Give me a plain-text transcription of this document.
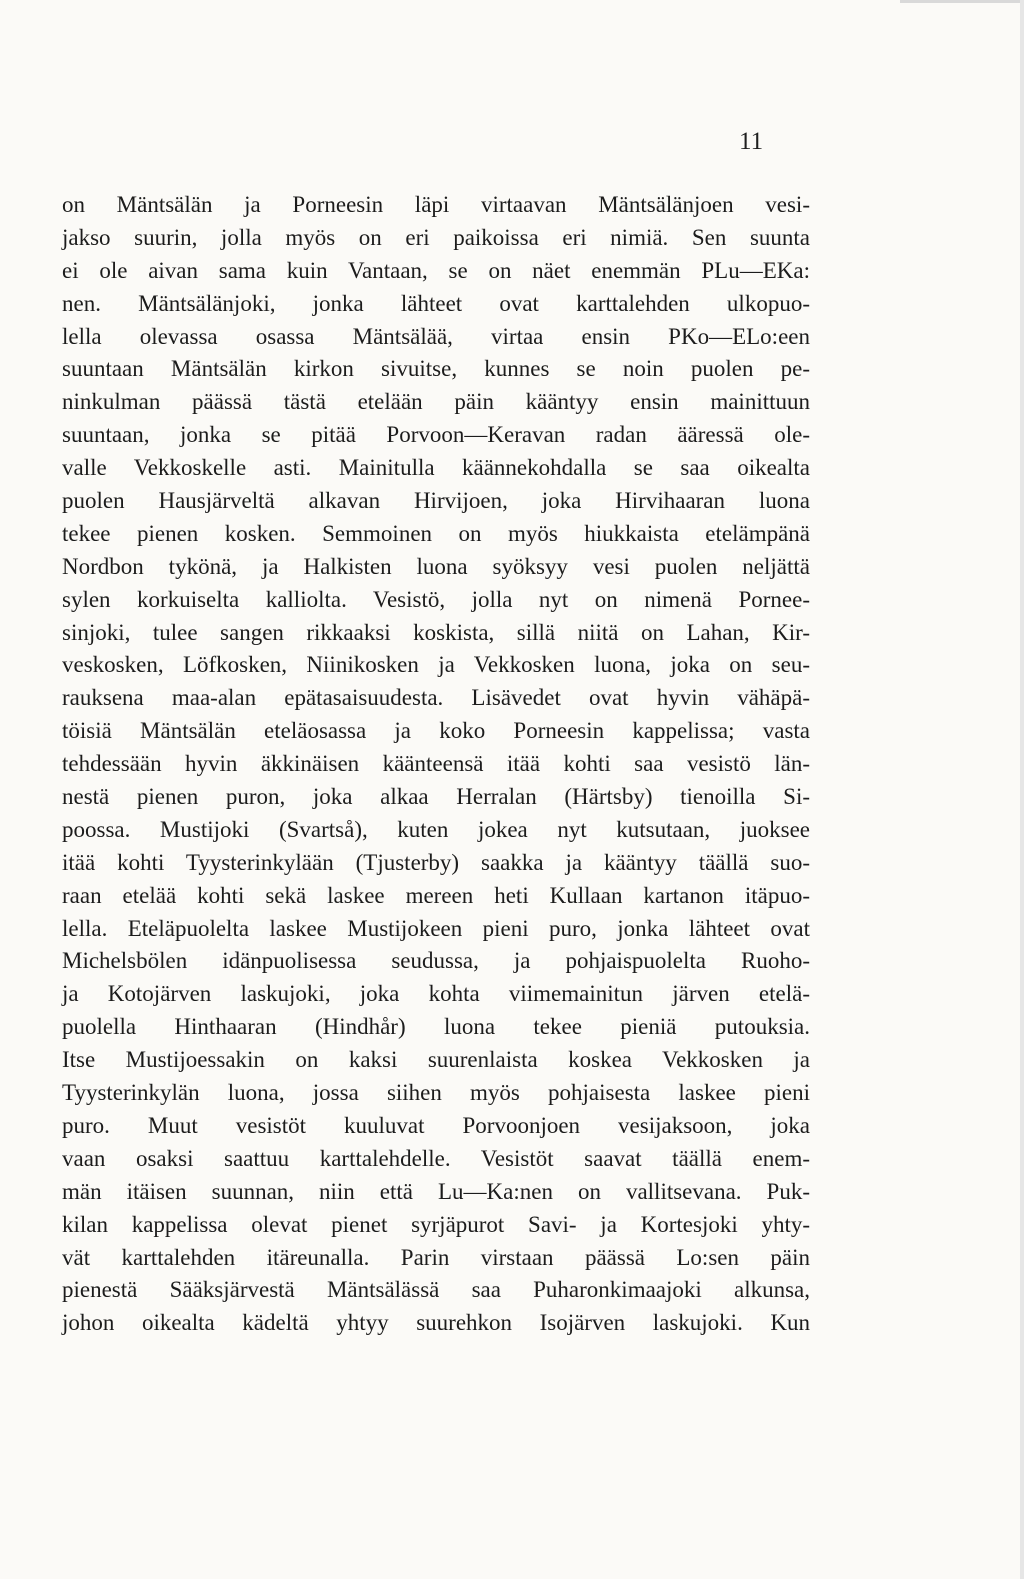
11
on Mäntsälän ja Porneesin läpi virtaavan Mäntsälänjoen vesi-
jakso suurin, jolla myös on eri paikoissa eri nimiä. Sen suunta
ei ole aivan sama kuin Vantaan, se on näet enemmän PLu—EKa:
nen. Mäntsälänjoki, jonka lähteet ovat karttalehden ulkopuo-
lella olevassa osassa Mäntsälää, virtaa ensin PKo—ELo:een
suuntaan Mäntsälän kirkon sivuitse, kunnes se noin puolen pe-
ninkulman päässä tästä etelään päin kääntyy ensin mainittuun
suuntaan, jonka se pitää Porvoon—Keravan radan ääressä ole-
valle Vekkoskelle asti. Mainitulla käännekohdalla se saa oikealta
puolen Hausjärveltä alkavan Hirvijoen, joka Hirvihaaran luona
tekee pienen kosken. Semmoinen on myös hiukkaista etelämpänä
Nordbon tykönä, ja Halkisten luona syöksyy vesi puolen neljättä
sylen korkuiselta kalliolta. Vesistö, jolla nyt on nimenä Pornee-
sinjoki, tulee sangen rikkaaksi koskista, sillä niitä on Lahan, Kir-
veskosken, Löfkosken, Niinikosken ja Vekkosken luona, joka on seu-
rauksena maa-alan epätasaisuudesta. Lisävedet ovat hyvin vähäpä-
töisiä Mäntsälän eteläosassa ja koko Porneesin kappelissa; vasta
tehdessään hyvin äkkinäisen käänteensä itää kohti saa vesistö län-
nestä pienen puron, joka alkaa Herralan (Härtsby) tienoilla Si-
poossa. Mustijoki (Svartså), kuten jokea nyt kutsutaan, juoksee
itää kohti Tyysterinkylään (Tjusterby) saakka ja kääntyy täällä suo-
raan etelää kohti sekä laskee mereen heti Kullaan kartanon itäpuo-
lella. Eteläpuolelta laskee Mustijokeen pieni puro, jonka lähteet ovat
Michelsbölen idänpuolisessa seudussa, ja pohjaispuolelta Ruoho-
ja Kotojärven laskujoki, joka kohta viimemainitun järven etelä-
puolella Hinthaaran (Hindhår) luona tekee pieniä putouksia.
Itse Mustijoessakin on kaksi suurenlaista koskea Vekkosken ja
Tyysterinkylän luona, jossa siihen myös pohjaisesta laskee pieni
puro. Muut vesistöt kuuluvat Porvoonjoen vesijaksoon, joka
vaan osaksi saattuu karttalehdelle. Vesistöt saavat täällä enem-
män itäisen suunnan, niin että Lu—Ka:nen on vallitsevana. Puk-
kilan kappelissa olevat pienet syrjäpurot Savi- ja Kortesjoki yhty-
vät karttalehden itäreunalla. Parin virstaan päässä Lo:sen päin
pienestä Sääksjärvestä Mäntsälässä saa Puharonkimaajoki alkunsa,
johon oikealta kädeltä yhtyy suurehkon Isojärven laskujoki. Kun
